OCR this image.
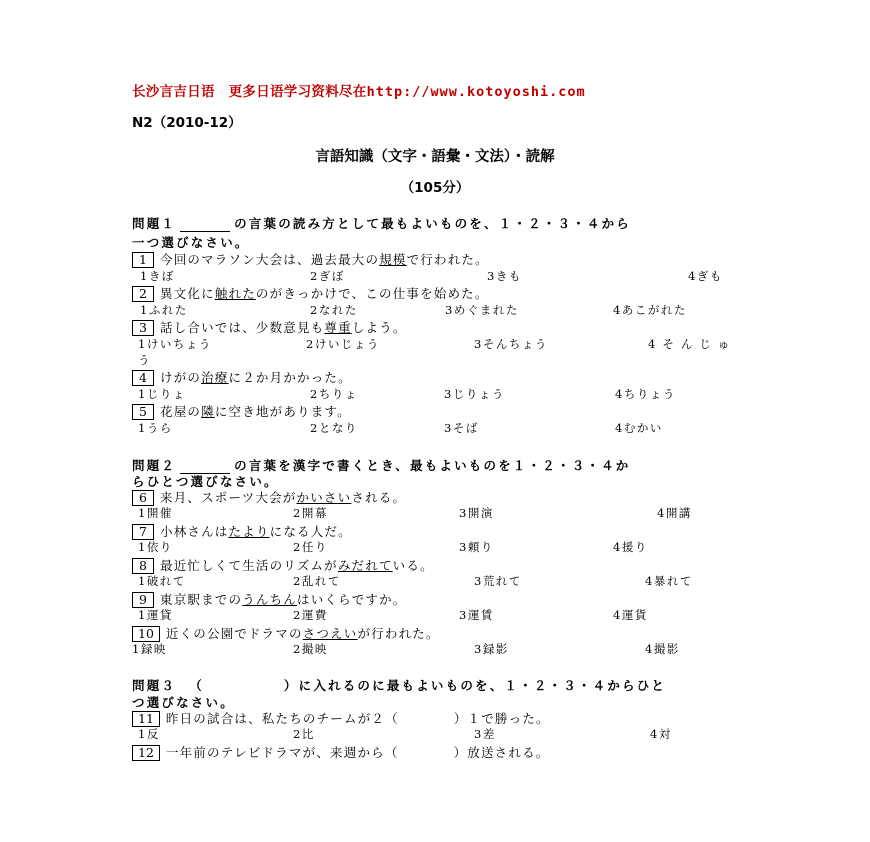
长沙言吉日语　更多日语学习资料尽在http://www.kotoyoshi.com
N2（2010-12）
言語知識（文字・語彙・文法）・読解
（105分）
問題１	の言葉の読み方として最もよいものを、１・２・３・４から
一つ選びなさい。
1 今回のマラソン大会は、過去最大の規模で行われた。
1きぼ	2ぎぼ	3きも	4ぎも
2 異文化に触れたのがきっかけで、この仕事を始めた。
1ふれた	2なれた	3めぐまれた	4あこがれた
3 話し合いでは、少数意見も尊重しよう。
1けいちょう	2けいじょう	3そんちょう	4そんじゅ
う
4 けがの治療に２か月かかった。
1じりょ	2ちりょ	3じりょう	4ちりょう
5 花屋の隣に空き地があります。
1うら	2となり	3そば	4むかい
問題２	の言葉を漢字で書くとき、最もよいものを１・２・３・４か
らひとつ選びなさい。
6 来月、スポーツ大会がかいさいされる。
1開催	2開幕	3開演	4開講
7 小林さんはたよりになる人だ。
1依り	2任り	3頼り	4援り
8 最近忙しくて生活のリズムがみだれている。
1破れて	2乱れて	3荒れて	4暴れて
9 東京駅までのうんちんはいくらですか。
1運貸	2運費	3運賃	4運貨
10 近くの公園でドラマのさつえいが行われた。
1録映	2撮映	3録影	4撮影
問題３ （	）に入れるのに最もよいものを、１・２・３・４からひと
つ選びなさい。
11 昨日の試合は、私たちのチームが２（	）１で勝った。
1反	2比	3差	4対
12 一年前のテレビドラマが、来週から（	）放送される。
